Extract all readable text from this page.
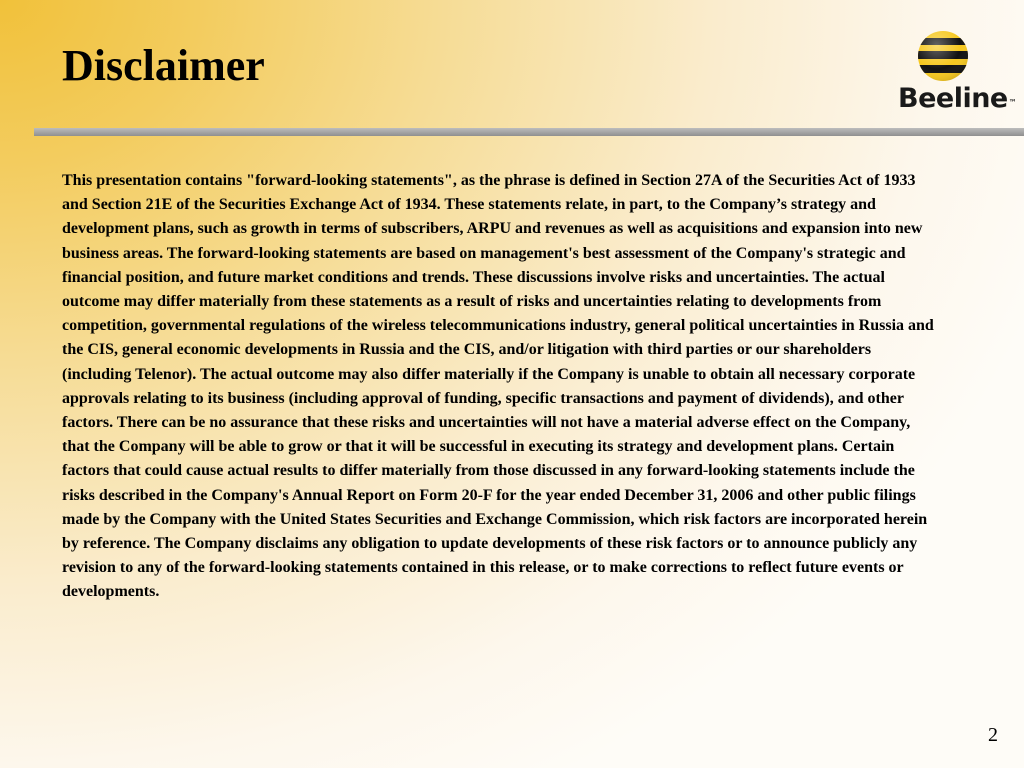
Disclaimer
Beeline™

This presentation contains "forward-looking statements", as the phrase is defined in Section 27A of the Securities Act of 1933 and Section 21E of the Securities Exchange Act of 1934. These statements relate, in part, to the Company’s strategy and development plans, such as growth in terms of subscribers, ARPU and revenues as well as acquisitions and expansion into new business areas. The forward-looking statements are based on management's best assessment of the Company's strategic and financial position, and future market conditions and trends. These discussions involve risks and uncertainties. The actual outcome may differ materially from these statements as a result of risks and uncertainties relating to developments from competition, governmental regulations of the wireless telecommunications industry, general political uncertainties in Russia and the CIS, general economic developments in Russia and the CIS, and/or litigation with third parties or our shareholders (including Telenor). The actual outcome may also differ materially if the Company is unable to obtain all necessary corporate approvals relating to its business (including approval of funding, specific transactions and payment of dividends), and other factors. There can be no assurance that these risks and uncertainties will not have a material adverse effect on the Company, that the Company will be able to grow or that it will be successful in executing its strategy and development plans. Certain factors that could cause actual results to differ materially from those discussed in any forward-looking statements include the risks described in the Company's Annual Report on Form 20-F for the year ended December 31, 2006 and other public filings made by the Company with the United States Securities and Exchange Commission, which risk factors are incorporated herein by reference. The Company disclaims any obligation to update developments of these risk factors or to announce publicly any revision to any of the forward-looking statements contained in this release, or to make corrections to reflect future events or developments.

2
